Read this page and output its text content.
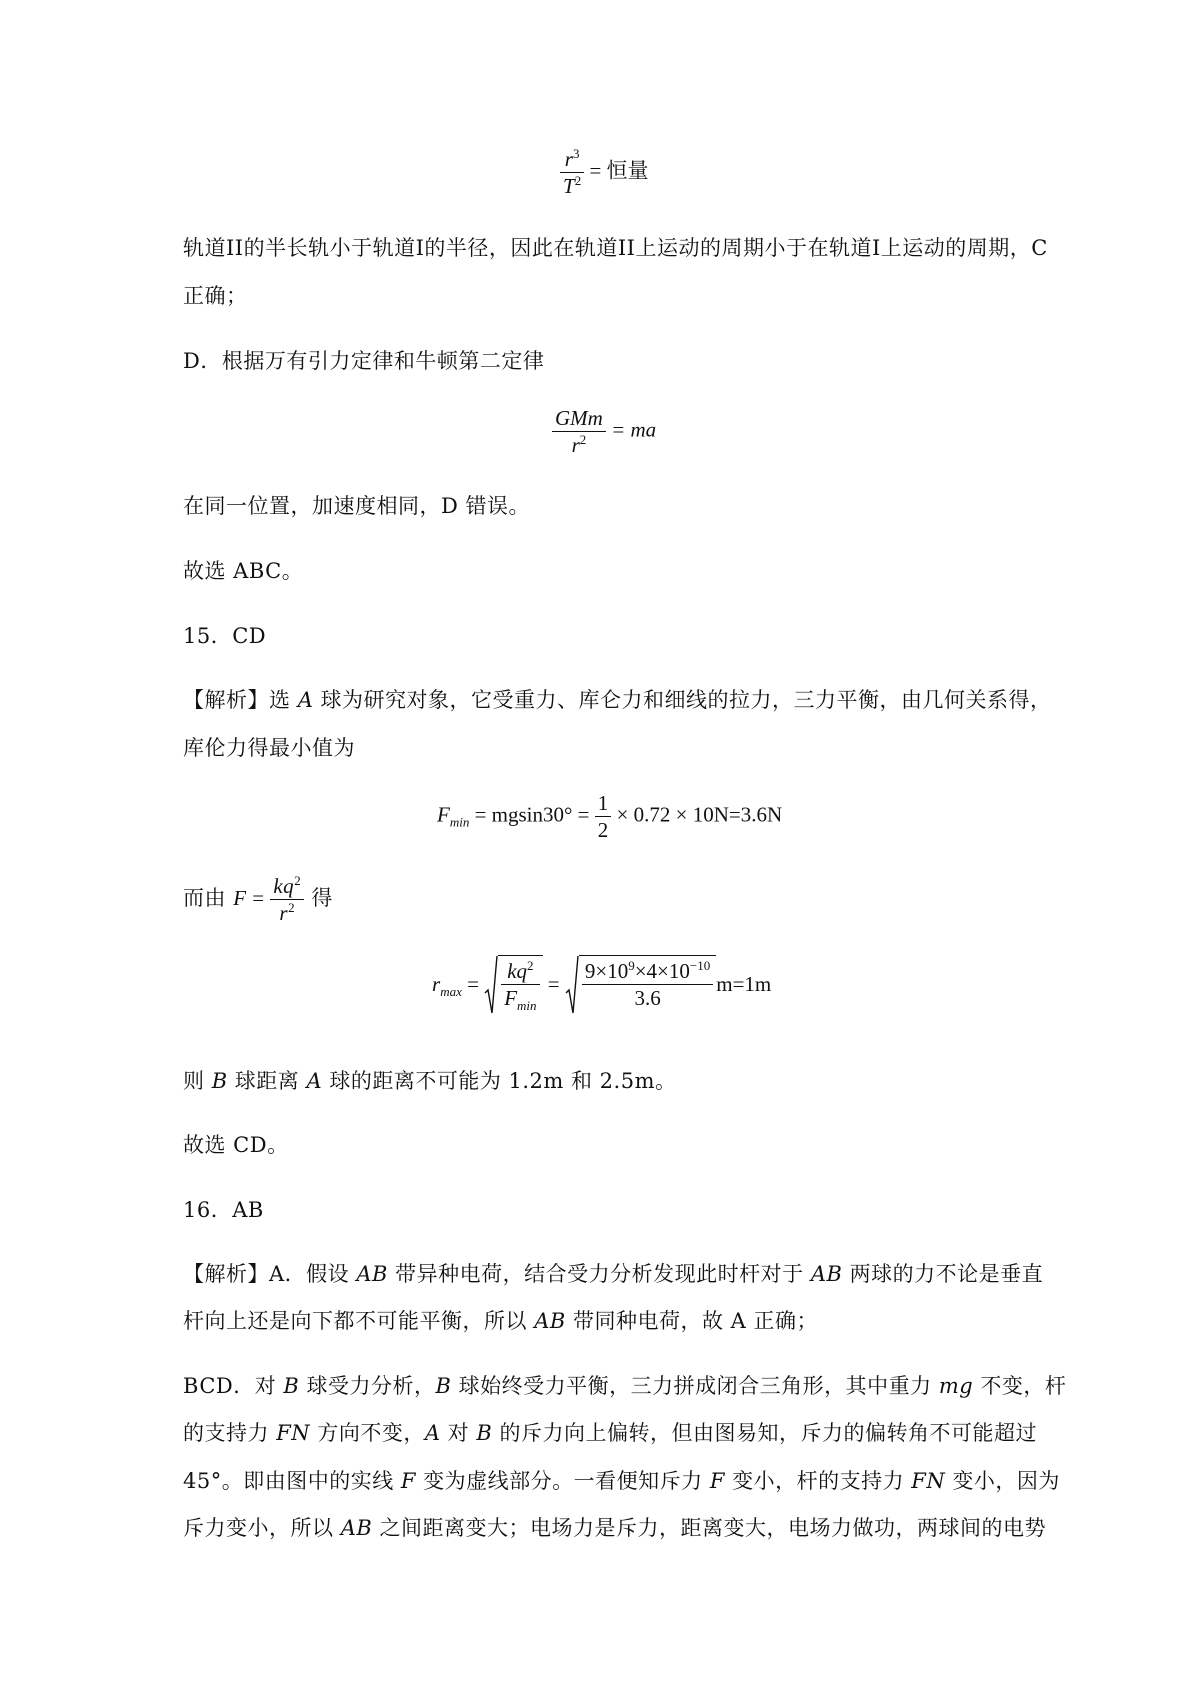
$\frac{r^3}{T^2}$ = 恒量
轨道II的半长轨小于轨道I的半径，因此在轨道II上运动的周期小于在轨道I上运动的周期，C
正确；
D．根据万有引力定律和牛顿第二定律
$\frac{\text{GMm}}{r^2}$ = ma
在同一位置，加速度相同，D 错误。
故选 ABC。
15．CD
【解析】选 A 球为研究对象，它受重力、库仑力和细线的拉力，三力平衡，由几何关系得，
库伦力得最小值为
$F_{min} = mgsin30^\circ = \frac{1}{2} \times 0.72 \times 10N=3.6N$
而由 $F = \frac{kq^2}{r^2}$ 得
$r_{max} = \frac{kq^2}{F_{min}} = \frac{9\times 10^9\times 4\times 10^{-10}}{3.6} m=1m$
则 B 球距离 A 球的距离不可能为 1.2m 和 2.5m。
故选 CD。
16．AB
【解析】A．假设 AB 带异种电荷，结合受力分析发现此时杆对于 AB 两球的力不论是垂直
杆向上还是向下都不可能平衡，所以 AB 带同种电荷，故 A 正确；
BCD．对 B 球受力分析，B 球始终受力平衡，三力拼成闭合三角形，其中重力 mg 不变，杆
的支持力 FN 方向不变，A 对 B 的斥力向上偏转，但由图易知，斥力的偏转角不可能超过
45°。即由图中的实线 F 变为虚线部分。一看便知斥力 F 变小，杆的支持力 FN 变小，因为
斥力变小，所以 AB 之间距离变大；电场力是斥力，距离变大，电场力做功，两球间的电势
